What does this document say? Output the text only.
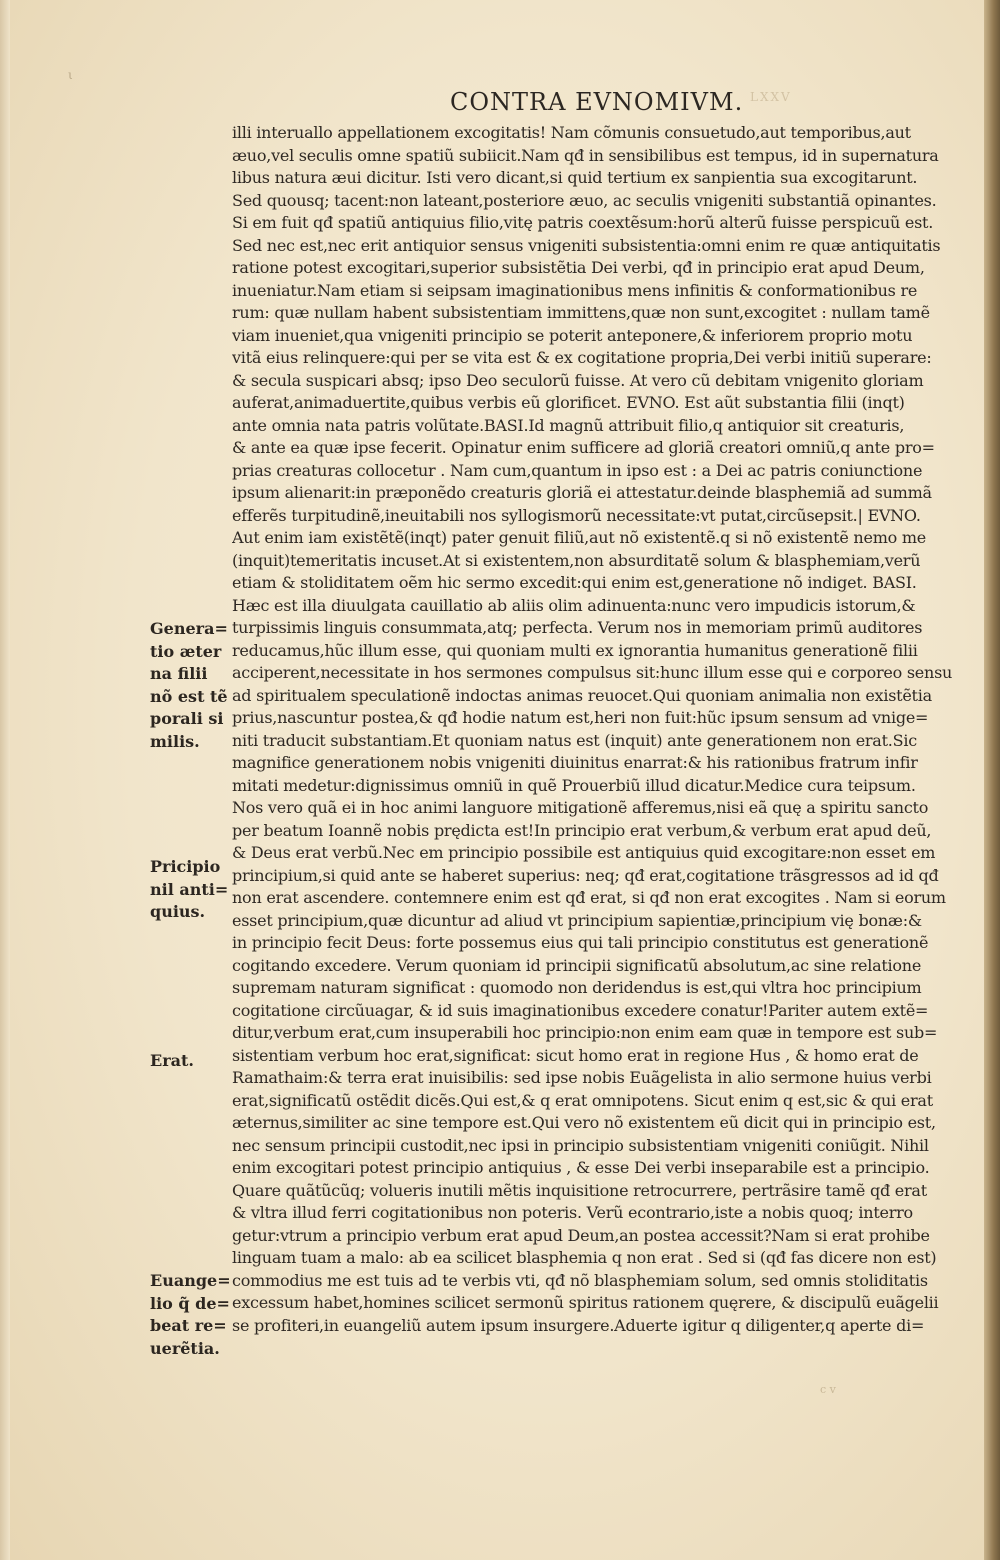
ι
CONTRA EVNOMIVM. LXXV
illi interuallo appellationem excogitatis! Nam cõmunis consuetudo,aut temporibus,aut
æuo,vel seculis omne spatiũ subiicit.Nam qđ in sensibilibus est tempus, id in supernatura
libus natura æui dicitur. Isti vero dicant,si quid tertium ex sanpientia sua excogitarunt.
Sed quousq; tacent:non lateant,posteriore æuo, ac seculis vnigeniti substantiã opinantes.
Si em fuit qđ spatiũ antiquius filio,vitę patris coextẽsum:horũ alterũ fuisse perspicuũ est.
Sed nec est,nec erit antiquior sensus vnigeniti subsistentia:omni enim re quæ antiquitatis
ratione potest excogitari,superior subsistẽtia Dei verbi, qđ in principio erat apud Deum,
inueniatur.Nam etiam si seipsam imaginationibus mens infinitis & conformationibus re
rum: quæ nullam habent subsistentiam immittens,quæ non sunt,excogitet : nullam tamẽ
viam inueniet,qua vnigeniti principio se poterit anteponere,& inferiorem proprio motu
vitã eius relinquere:qui per se vita est & ex cogitatione propria,Dei verbi initiũ superare:
& secula suspicari absq; ipso Deo seculorũ fuisse. At vero cũ debitam vnigenito gloriam
auferat,animaduertite,quibus verbis eũ glorificet. EVNO. Est aũt substantia filii (inqt)
ante omnia nata patris volũtate.BASI.Id magnũ attribuit filio,q antiquior sit creaturis,
& ante ea quæ ipse fecerit. Opinatur enim sufficere ad gloriã creatori omniũ,q ante pro=
prias creaturas collocetur . Nam cum,quantum in ipso est : a Dei ac patris coniunctione
ipsum alienarit:in præponẽdo creaturis gloriã ei attestatur.deinde blasphemiã ad summã
efferẽs turpitudinẽ,ineuitabili nos syllogismorũ necessitate:vt putat,circũsepsit.| EVNO.
Aut enim iam existẽtẽ(inqt) pater genuit filiũ,aut nõ existentẽ.q si nõ existentẽ nemo me
(inquit)temeritatis incuset.At si existentem,non absurditatẽ solum & blasphemiam,verũ
etiam & stoliditatem oẽm hic sermo excedit:qui enim est,generatione nõ indiget. BASI.
Hæc est illa diuulgata cauillatio ab aliis olim adinuenta:nunc vero impudicis istorum,&
turpissimis linguis consummata,atq; perfecta. Verum nos in memoriam primũ auditores
reducamus,hũc illum esse, qui quoniam multi ex ignorantia humanitus generationẽ filii
acciperent,necessitate in hos sermones compulsus sit:hunc illum esse qui e corporeo sensu
ad spiritualem speculationẽ indoctas animas reuocet.Qui quoniam animalia non existẽtia
prius,nascuntur postea,& qđ hodie natum est,heri non fuit:hũc ipsum sensum ad vnige=
niti traducit substantiam.Et quoniam natus est (inquit) ante generationem non erat.Sic
magnifice generationem nobis vnigeniti diuinitus enarrat:& his rationibus fratrum infir
mitati medetur:dignissimus omniũ in quẽ Prouerbiũ illud dicatur.Medice cura teipsum.
Nos vero quã ei in hoc animi languore mitigationẽ afferemus,nisi eã quę a spiritu sancto
per beatum Ioannẽ nobis prędicta est!In principio erat verbum,& verbum erat apud deũ,
& Deus erat verbũ.Nec em principio possibile est antiquius quid excogitare:non esset em
principium,si quid ante se haberet superius: neq; qđ erat,cogitatione trãsgressos ad id qđ
non erat ascendere. contemnere enim est qđ erat, si qđ non erat excogites . Nam si eorum
esset principium,quæ dicuntur ad aliud vt principium sapientiæ,principium vię bonæ:&
in principio fecit Deus: forte possemus eius qui tali principio constitutus est generationẽ
cogitando excedere. Verum quoniam id principii significatũ absolutum,ac sine relatione
supremam naturam significat : quomodo non deridendus is est,qui vltra hoc principium
cogitatione circũuagar, & id suis imaginationibus excedere conatur!Pariter autem extẽ=
ditur,verbum erat,cum insuperabili hoc principio:non enim eam quæ in tempore est sub=
sistentiam verbum hoc erat,significat: sicut homo erat in regione Hus , & homo erat de
Ramathaim:& terra erat inuisibilis: sed ipse nobis Euãgelista in alio sermone huius verbi
erat,significatũ ostẽdit dicẽs.Qui est,& q erat omnipotens. Sicut enim q est,sic & qui erat
æternus,similiter ac sine tempore est.Qui vero nõ existentem eũ dicit qui in principio est,
nec sensum principii custodit,nec ipsi in principio subsistentiam vnigeniti coniũgit. Nihil
enim excogitari potest principio antiquius , & esse Dei verbi inseparabile est a principio.
Quare quãtũcũq; volueris inutili mẽtis inquisitione retrocurrere, pertrãsire tamẽ qđ erat
& vltra illud ferri cogitationibus non poteris. Verũ econtrario,iste a nobis quoq; interro
getur:vtrum a principio verbum erat apud Deum,an postea accessit?Nam si erat prohibe
linguam tuam a malo: ab ea scilicet blasphemia q non erat . Sed si (qđ fas dicere non est)
commodius me est tuis ad te verbis vti, qđ nõ blasphemiam solum, sed omnis stoliditatis
excessum habet,homines scilicet sermonũ spiritus rationem quęrere, & discipulũ euãgelii
se profiteri,in euangeliũ autem ipsum insurgere.Aduerte igitur q diligenter,q aperte di=
Genera=
tio æter
na filii
nõ est tẽ
porali si
milis.
Pricipio
nil anti=
quius.
Erat.
Euange=
lio q̃ de=
beat re=
uerẽtia.
c v
